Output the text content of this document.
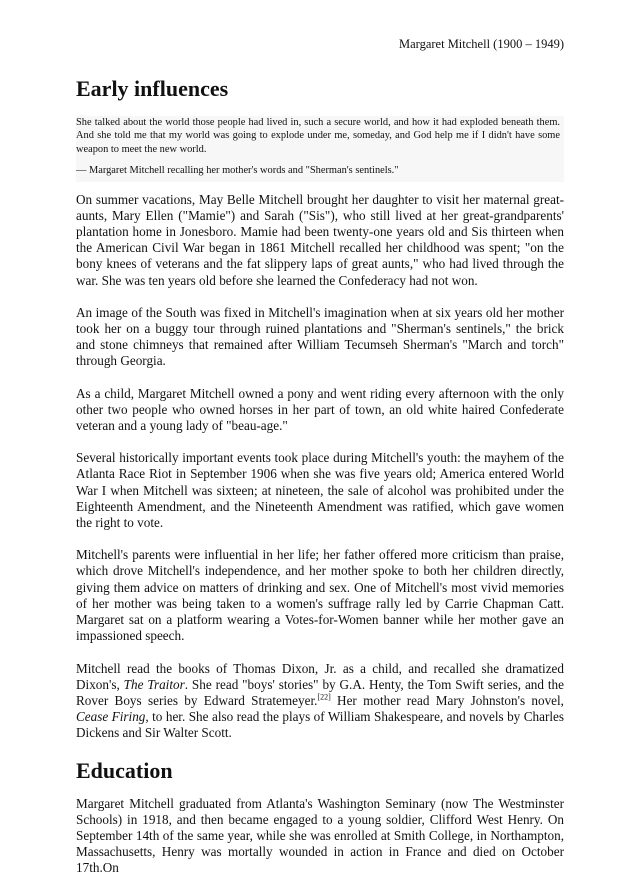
Margaret Mitchell (1900 – 1949)
Early influences

She talked about the world those people had lived in, such a secure world, and how it had exploded beneath them. And she told me that my world was going to explode under me, someday, and God help me if I didn't have some weapon to meet the new world.

— Margaret Mitchell recalling her mother's words and "Sherman's sentinels."

On summer vacations, May Belle Mitchell brought her daughter to visit her maternal great-aunts, Mary Ellen ("Mamie") and Sarah ("Sis"), who still lived at her great-grandparents' plantation home in Jonesboro. Mamie had been twenty-one years old and Sis thirteen when the American Civil War began in 1861 Mitchell recalled her childhood was spent; "on the bony knees of veterans and the fat slippery laps of great aunts," who had lived through the war. She was ten years old before she learned the Confederacy had not won.

An image of the South was fixed in Mitchell's imagination when at six years old her mother took her on a buggy tour through ruined plantations and "Sherman's sentinels," the brick and stone chimneys that remained after William Tecumseh Sherman's "March and torch" through Georgia.

As a child, Margaret Mitchell owned a pony and went riding every afternoon with the only other two people who owned horses in her part of town, an old white haired Confederate veteran and a young lady of "beau-age."

Several historically important events took place during Mitchell's youth: the mayhem of the Atlanta Race Riot in September 1906 when she was five years old; America entered World War I when Mitchell was sixteen; at nineteen, the sale of alcohol was prohibited under the Eighteenth Amendment, and the Nineteenth Amendment was ratified, which gave women the right to vote.

Mitchell's parents were influential in her life; her father offered more criticism than praise, which drove Mitchell's independence, and her mother spoke to both her children directly, giving them advice on matters of drinking and sex. One of Mitchell's most vivid memories of her mother was being taken to a women's suffrage rally led by Carrie Chapman Catt. Margaret sat on a platform wearing a Votes-for-Women banner while her mother gave an impassioned speech.

Mitchell read the books of Thomas Dixon, Jr. as a child, and recalled she dramatized Dixon's, The Traitor. She read "boys' stories" by G.A. Henty, the Tom Swift series, and the Rover Boys series by Edward Stratemeyer.[22] Her mother read Mary Johnston's novel, Cease Firing, to her. She also read the plays of William Shakespeare, and novels by Charles Dickens and Sir Walter Scott.

Education

Margaret Mitchell graduated from Atlanta's Washington Seminary (now The Westminster Schools) in 1918, and then became engaged to a young soldier, Clifford West Henry. On September 14th of the same year, while she was enrolled at Smith College, in Northampton, Massachusetts, Henry was mortally wounded in action in France and died on October 17th.On
